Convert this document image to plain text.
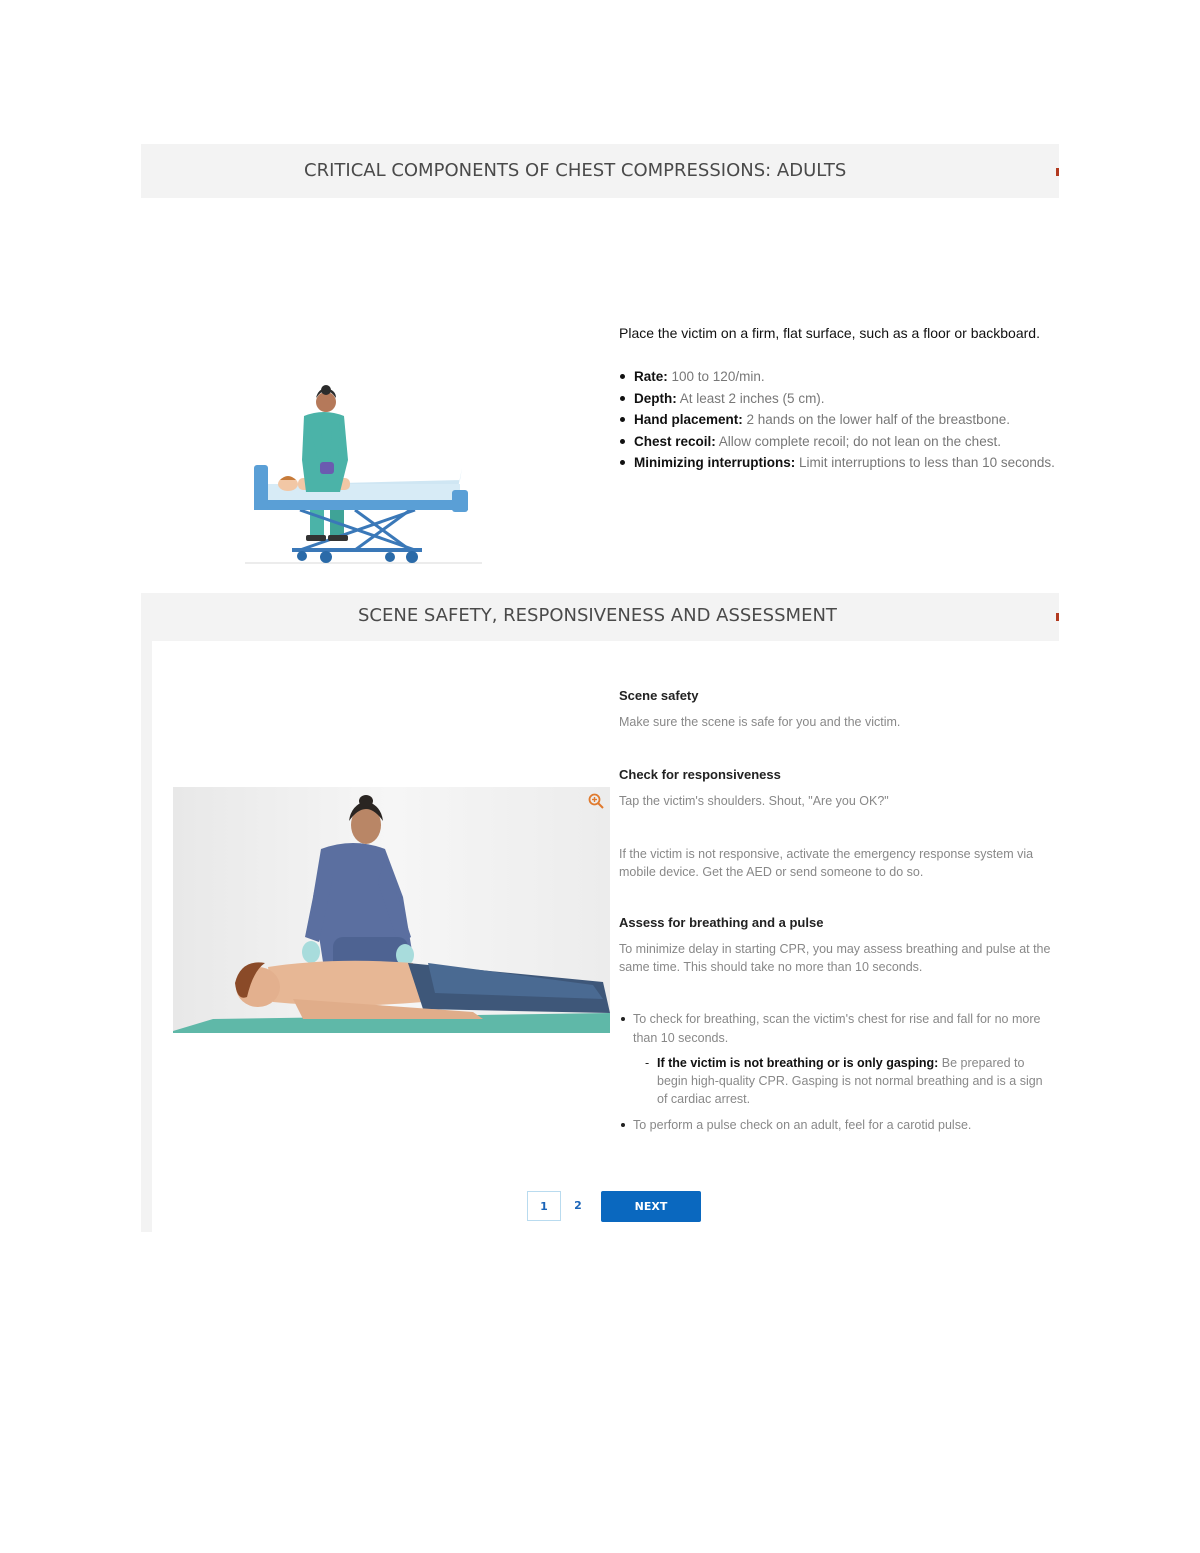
CRITICAL COMPONENTS OF CHEST COMPRESSIONS: ADULTS
Place the victim on a firm, flat surface, such as a floor or backboard.
Rate: 100 to 120/min.
Depth: At least 2 inches (5 cm).
Hand placement: 2 hands on the lower half of the breastbone.
Chest recoil: Allow complete recoil; do not lean on the chest.
Minimizing interruptions: Limit interruptions to less than 10 seconds.
SCENE SAFETY, RESPONSIVENESS AND ASSESSMENT
Scene safety
Make sure the scene is safe for you and the victim.
Check for responsiveness
Tap the victim's shoulders. Shout, "Are you OK?"
If the victim is not responsive, activate the emergency response system via mobile device. Get the AED or send someone to do so.
Assess for breathing and a pulse
To minimize delay in starting CPR, you may assess breathing and pulse at the same time. This should take no more than 10 seconds.
To check for breathing, scan the victim's chest for rise and fall for no more than 10 seconds.
- If the victim is not breathing or is only gasping: Be prepared to begin high-quality CPR. Gasping is not normal breathing and is a sign of cardiac arrest.
To perform a pulse check on an adult, feel for a carotid pulse.
1	2	NEXT
